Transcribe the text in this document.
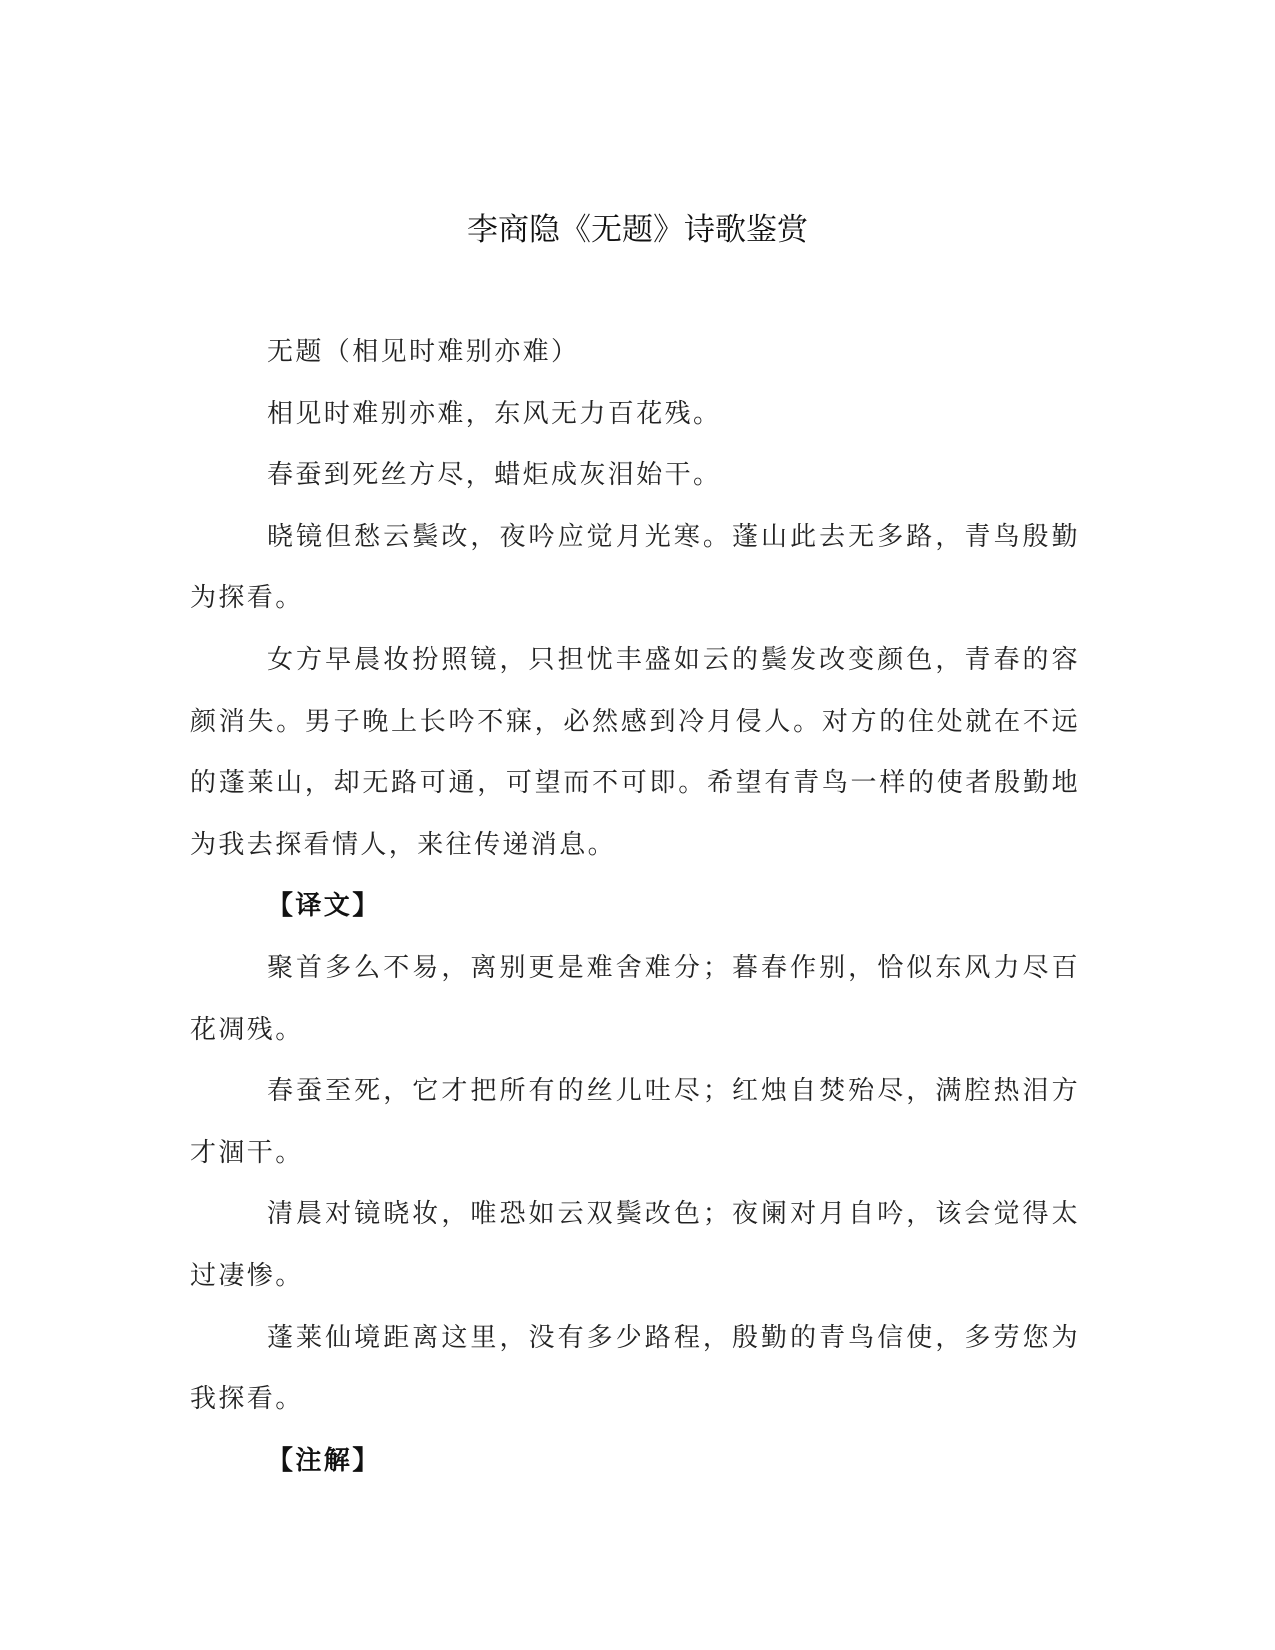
李商隐《无题》诗歌鉴赏

无题（相见时难别亦难）

相见时难别亦难，东风无力百花残。

春蚕到死丝方尽，蜡炬成灰泪始干。

晓镜但愁云鬓改，夜吟应觉月光寒。蓬山此去无多路，青鸟殷勤为探看。

女方早晨妆扮照镜，只担忧丰盛如云的鬓发改变颜色，青春的容颜消失。男子晚上长吟不寐，必然感到冷月侵人。对方的住处就在不远的蓬莱山，却无路可通，可望而不可即。希望有青鸟一样的使者殷勤地为我去探看情人，来往传递消息。

【译文】

聚首多么不易，离别更是难舍难分；暮春作别，恰似东风力尽百花凋残。

春蚕至死，它才把所有的丝儿吐尽；红烛自焚殆尽，满腔热泪方才涸干。

清晨对镜晓妆，唯恐如云双鬓改色；夜阑对月自吟，该会觉得太过凄惨。

蓬莱仙境距离这里，没有多少路程，殷勤的青鸟信使，多劳您为我探看。

【注解】
